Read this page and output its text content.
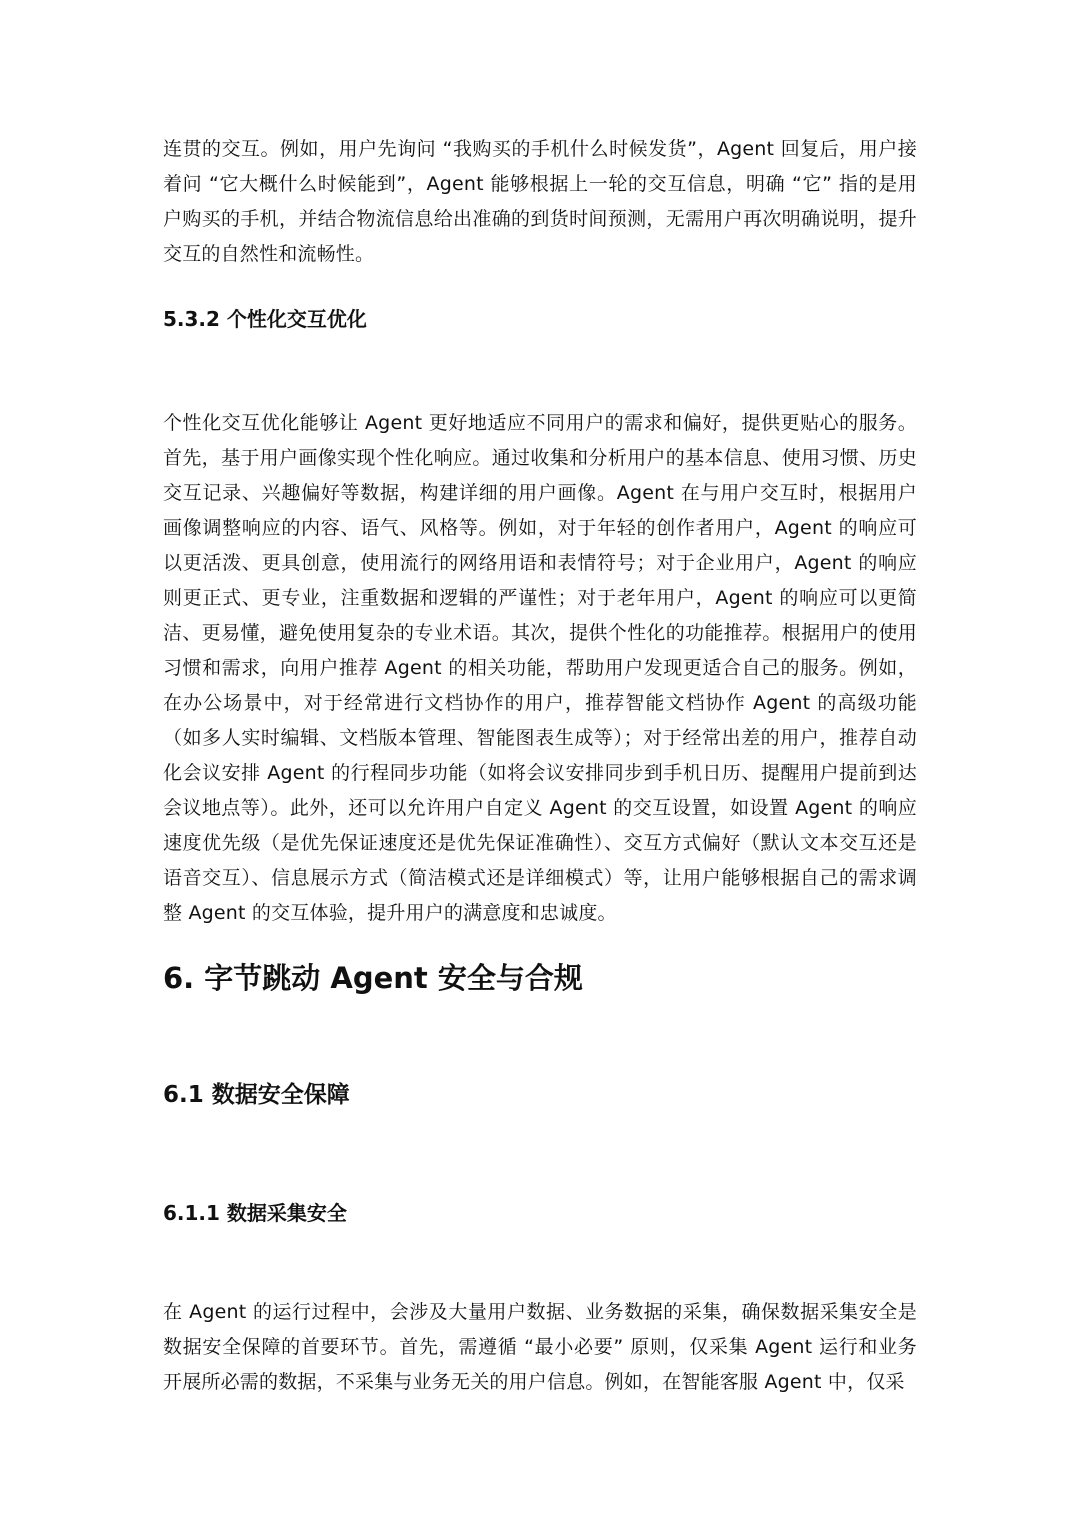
连贯的交互。例如，用户先询问 “我购买的手机什么时候发货”，Agent 回复后，用户接着问 “它大概什么时候能到”，Agent 能够根据上一轮的交互信息，明确 “它” 指的是用户购买的手机，并结合物流信息给出准确的到货时间预测，无需用户再次明确说明，提升交互的自然性和流畅性。

5.3.2 个性化交互优化

个性化交互优化能够让 Agent 更好地适应不同用户的需求和偏好，提供更贴心的服务。首先，基于用户画像实现个性化响应。通过收集和分析用户的基本信息、使用习惯、历史交互记录、兴趣偏好等数据，构建详细的用户画像。Agent 在与用户交互时，根据用户画像调整响应的内容、语气、风格等。例如，对于年轻的创作者用户，Agent 的响应可以更活泼、更具创意，使用流行的网络用语和表情符号；对于企业用户，Agent 的响应则更正式、更专业，注重数据和逻辑的严谨性；对于老年用户，Agent 的响应可以更简洁、更易懂，避免使用复杂的专业术语。其次，提供个性化的功能推荐。根据用户的使用习惯和需求，向用户推荐 Agent 的相关功能，帮助用户发现更适合自己的服务。例如，在办公场景中，对于经常进行文档协作的用户，推荐智能文档协作 Agent 的高级功能（如多人实时编辑、文档版本管理、智能图表生成等）；对于经常出差的用户，推荐自动化会议安排 Agent 的行程同步功能（如将会议安排同步到手机日历、提醒用户提前到达会议地点等）。此外，还可以允许用户自定义 Agent 的交互设置，如设置 Agent 的响应速度优先级（是优先保证速度还是优先保证准确性）、交互方式偏好（默认文本交互还是语音交互）、信息展示方式（简洁模式还是详细模式）等，让用户能够根据自己的需求调整 Agent 的交互体验，提升用户的满意度和忠诚度。

6. 字节跳动 Agent 安全与合规
6.1 数据安全保障
6.1.1 数据采集安全

在 Agent 的运行过程中，会涉及大量用户数据、业务数据的采集，确保数据采集安全是数据安全保障的首要环节。首先，需遵循 “最小必要” 原则，仅采集 Agent 运行和业务开展所必需的数据，不采集与业务无关的用户信息。例如，在智能客服 Agent 中，仅采
